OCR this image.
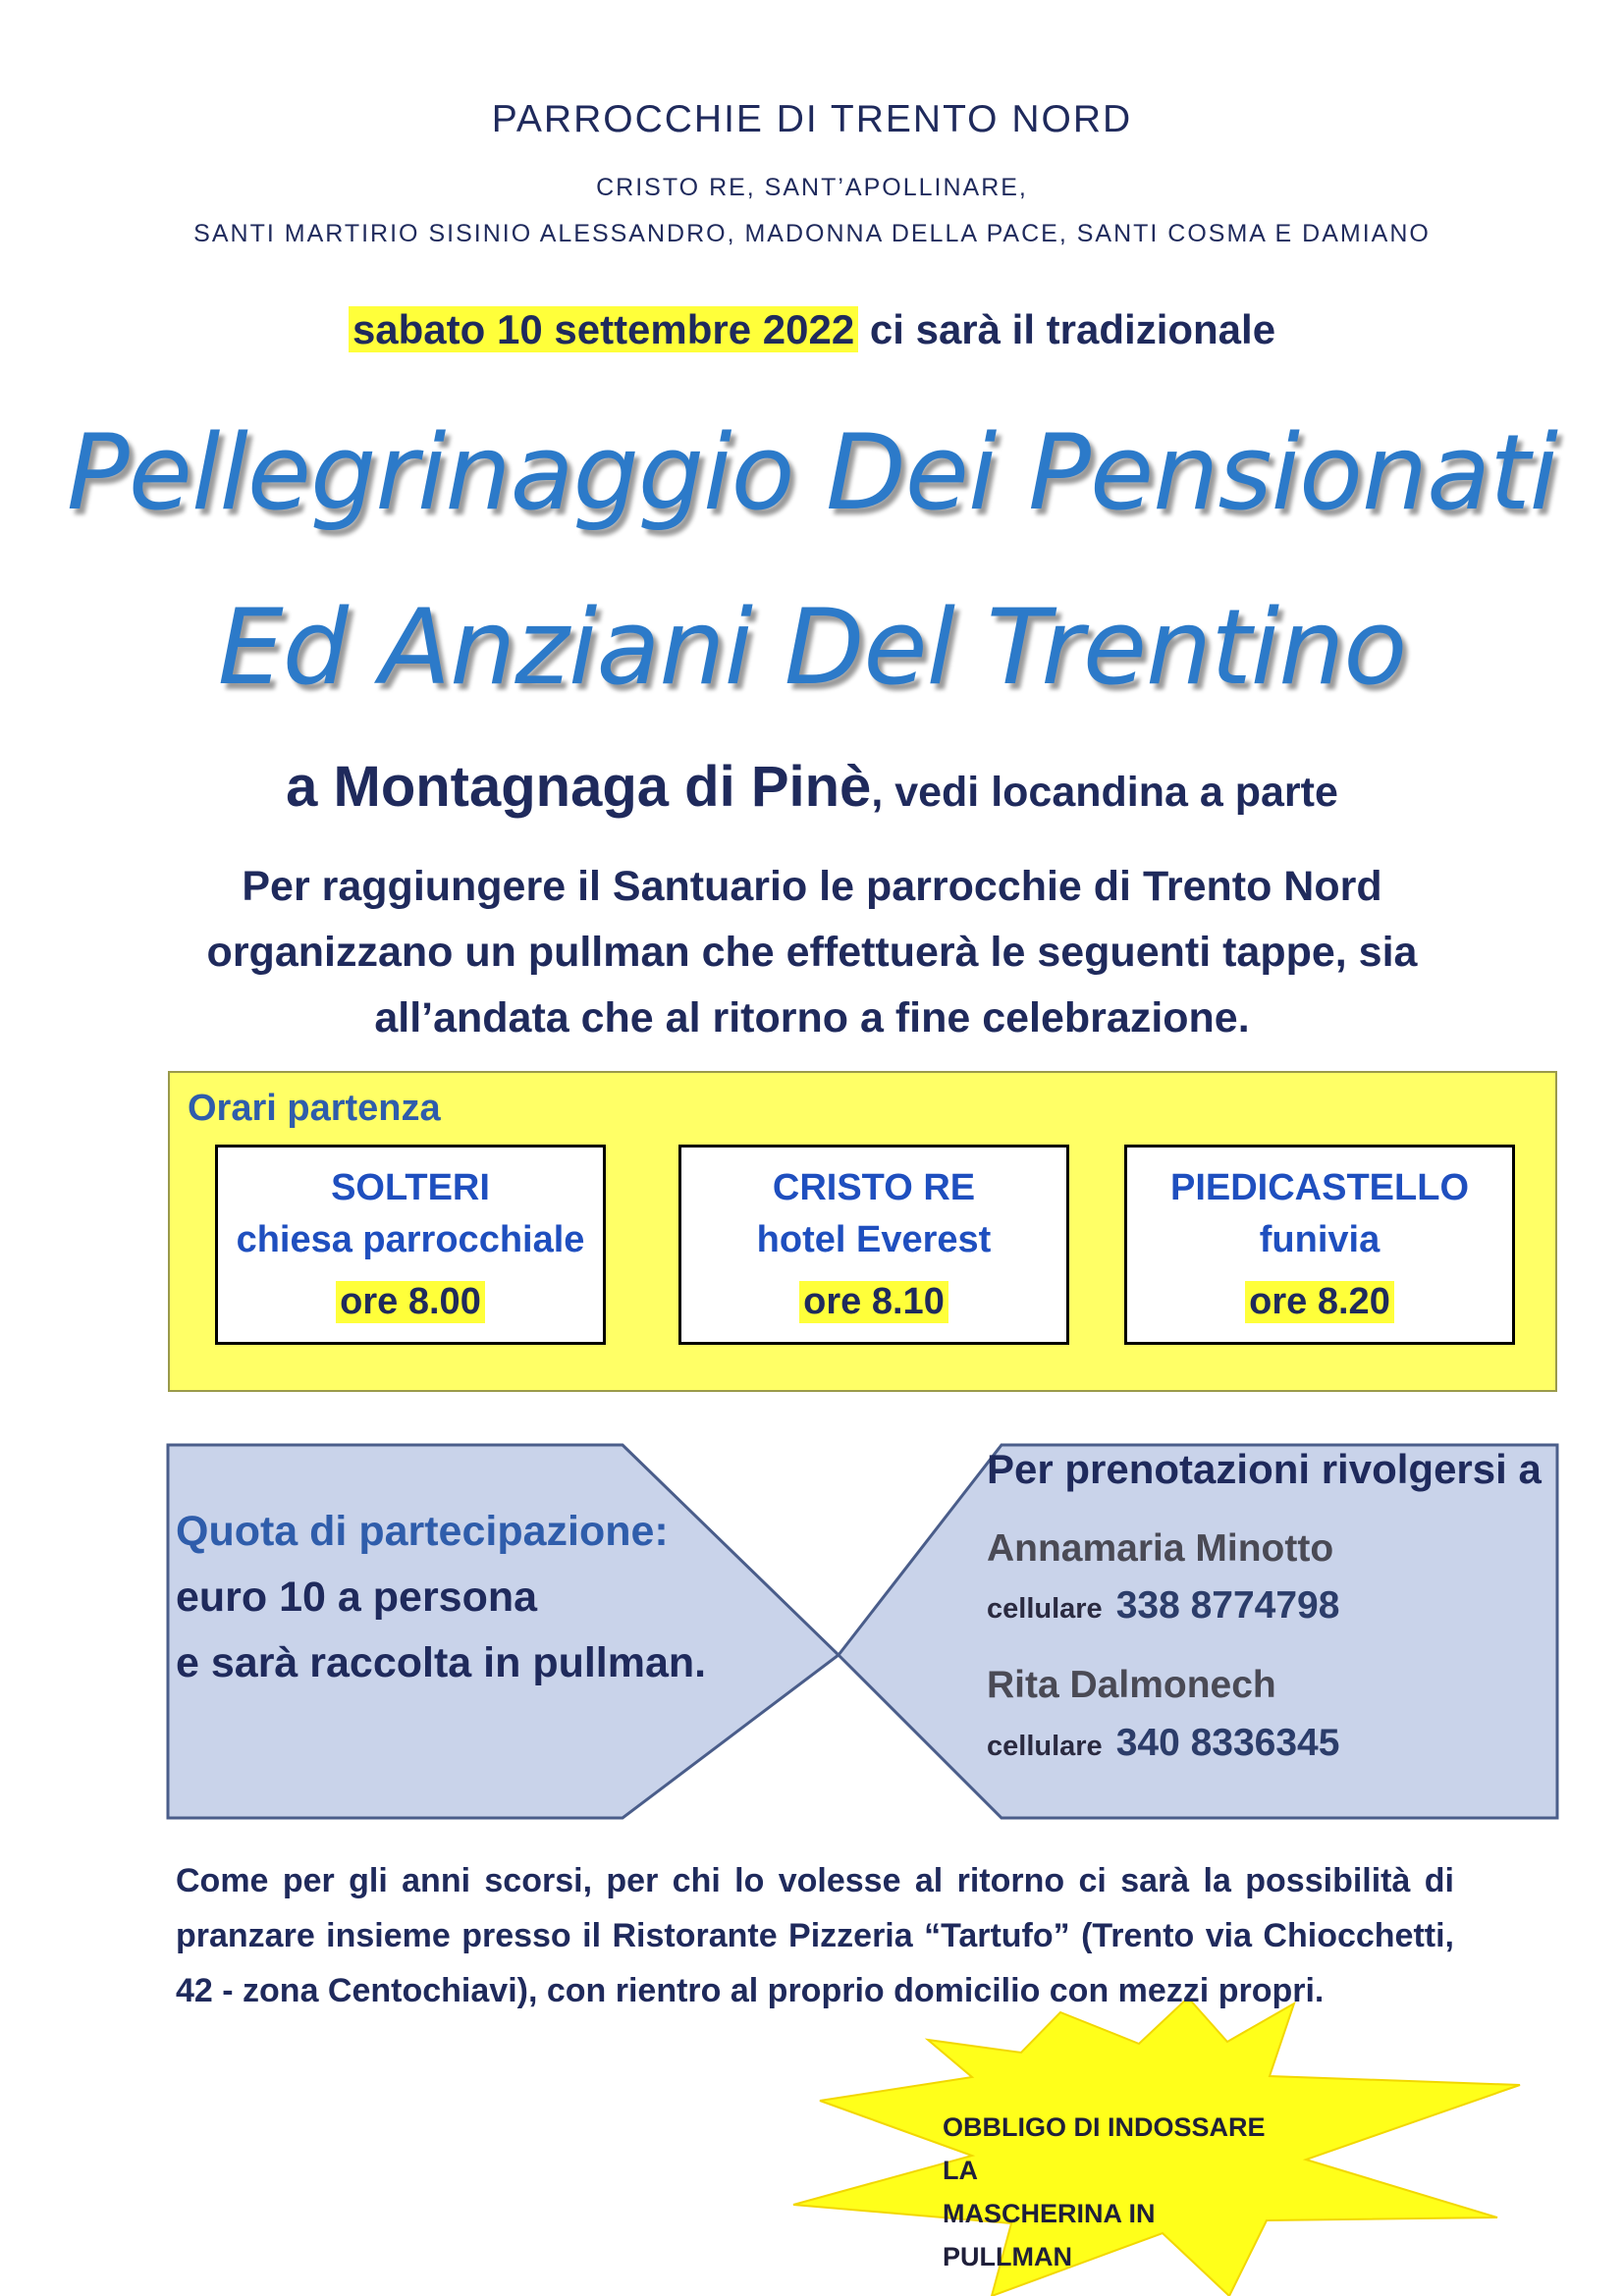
PARROCCHIE DI TRENTO NORD
CRISTO RE, SANT’APOLLINARE,
SANTI MARTIRIO SISINIO ALESSANDRO, MADONNA DELLA PACE, SANTI COSMA E DAMIANO
sabato 10 settembre 2022 ci sarà il tradizionale
Pellegrinaggio Dei Pensionati
Ed Anziani Del Trentino
a Montagnaga di Pinè, vedi locandina a parte
Per raggiungere il Santuario le parrocchie di Trento Nord
organizzano un pullman che effettuerà le seguenti tappe, sia
all’andata che al ritorno a fine celebrazione.
Orari partenza
SOLTERI
chiesa parrocchiale
ore 8.00
CRISTO RE
hotel Everest
ore 8.10
PIEDICASTELLO
funivia
ore 8.20
Quota di partecipazione:
euro 10 a persona
e sarà raccolta in pullman.
Per prenotazioni rivolgersi a
Annamaria Minotto
cellulare 338 8774798
Rita Dalmonech
cellulare 340 8336345
Come per gli anni scorsi, per chi lo volesse al ritorno ci sarà la possibilità di pranzare insieme presso il Ristorante Pizzeria “Tartufo” (Trento via Chiocchetti, 42 - zona Centochiavi), con rientro al proprio domicilio con mezzi propri.
OBBLIGO DI INDOSSARE LA
MASCHERINA IN PULLMAN
